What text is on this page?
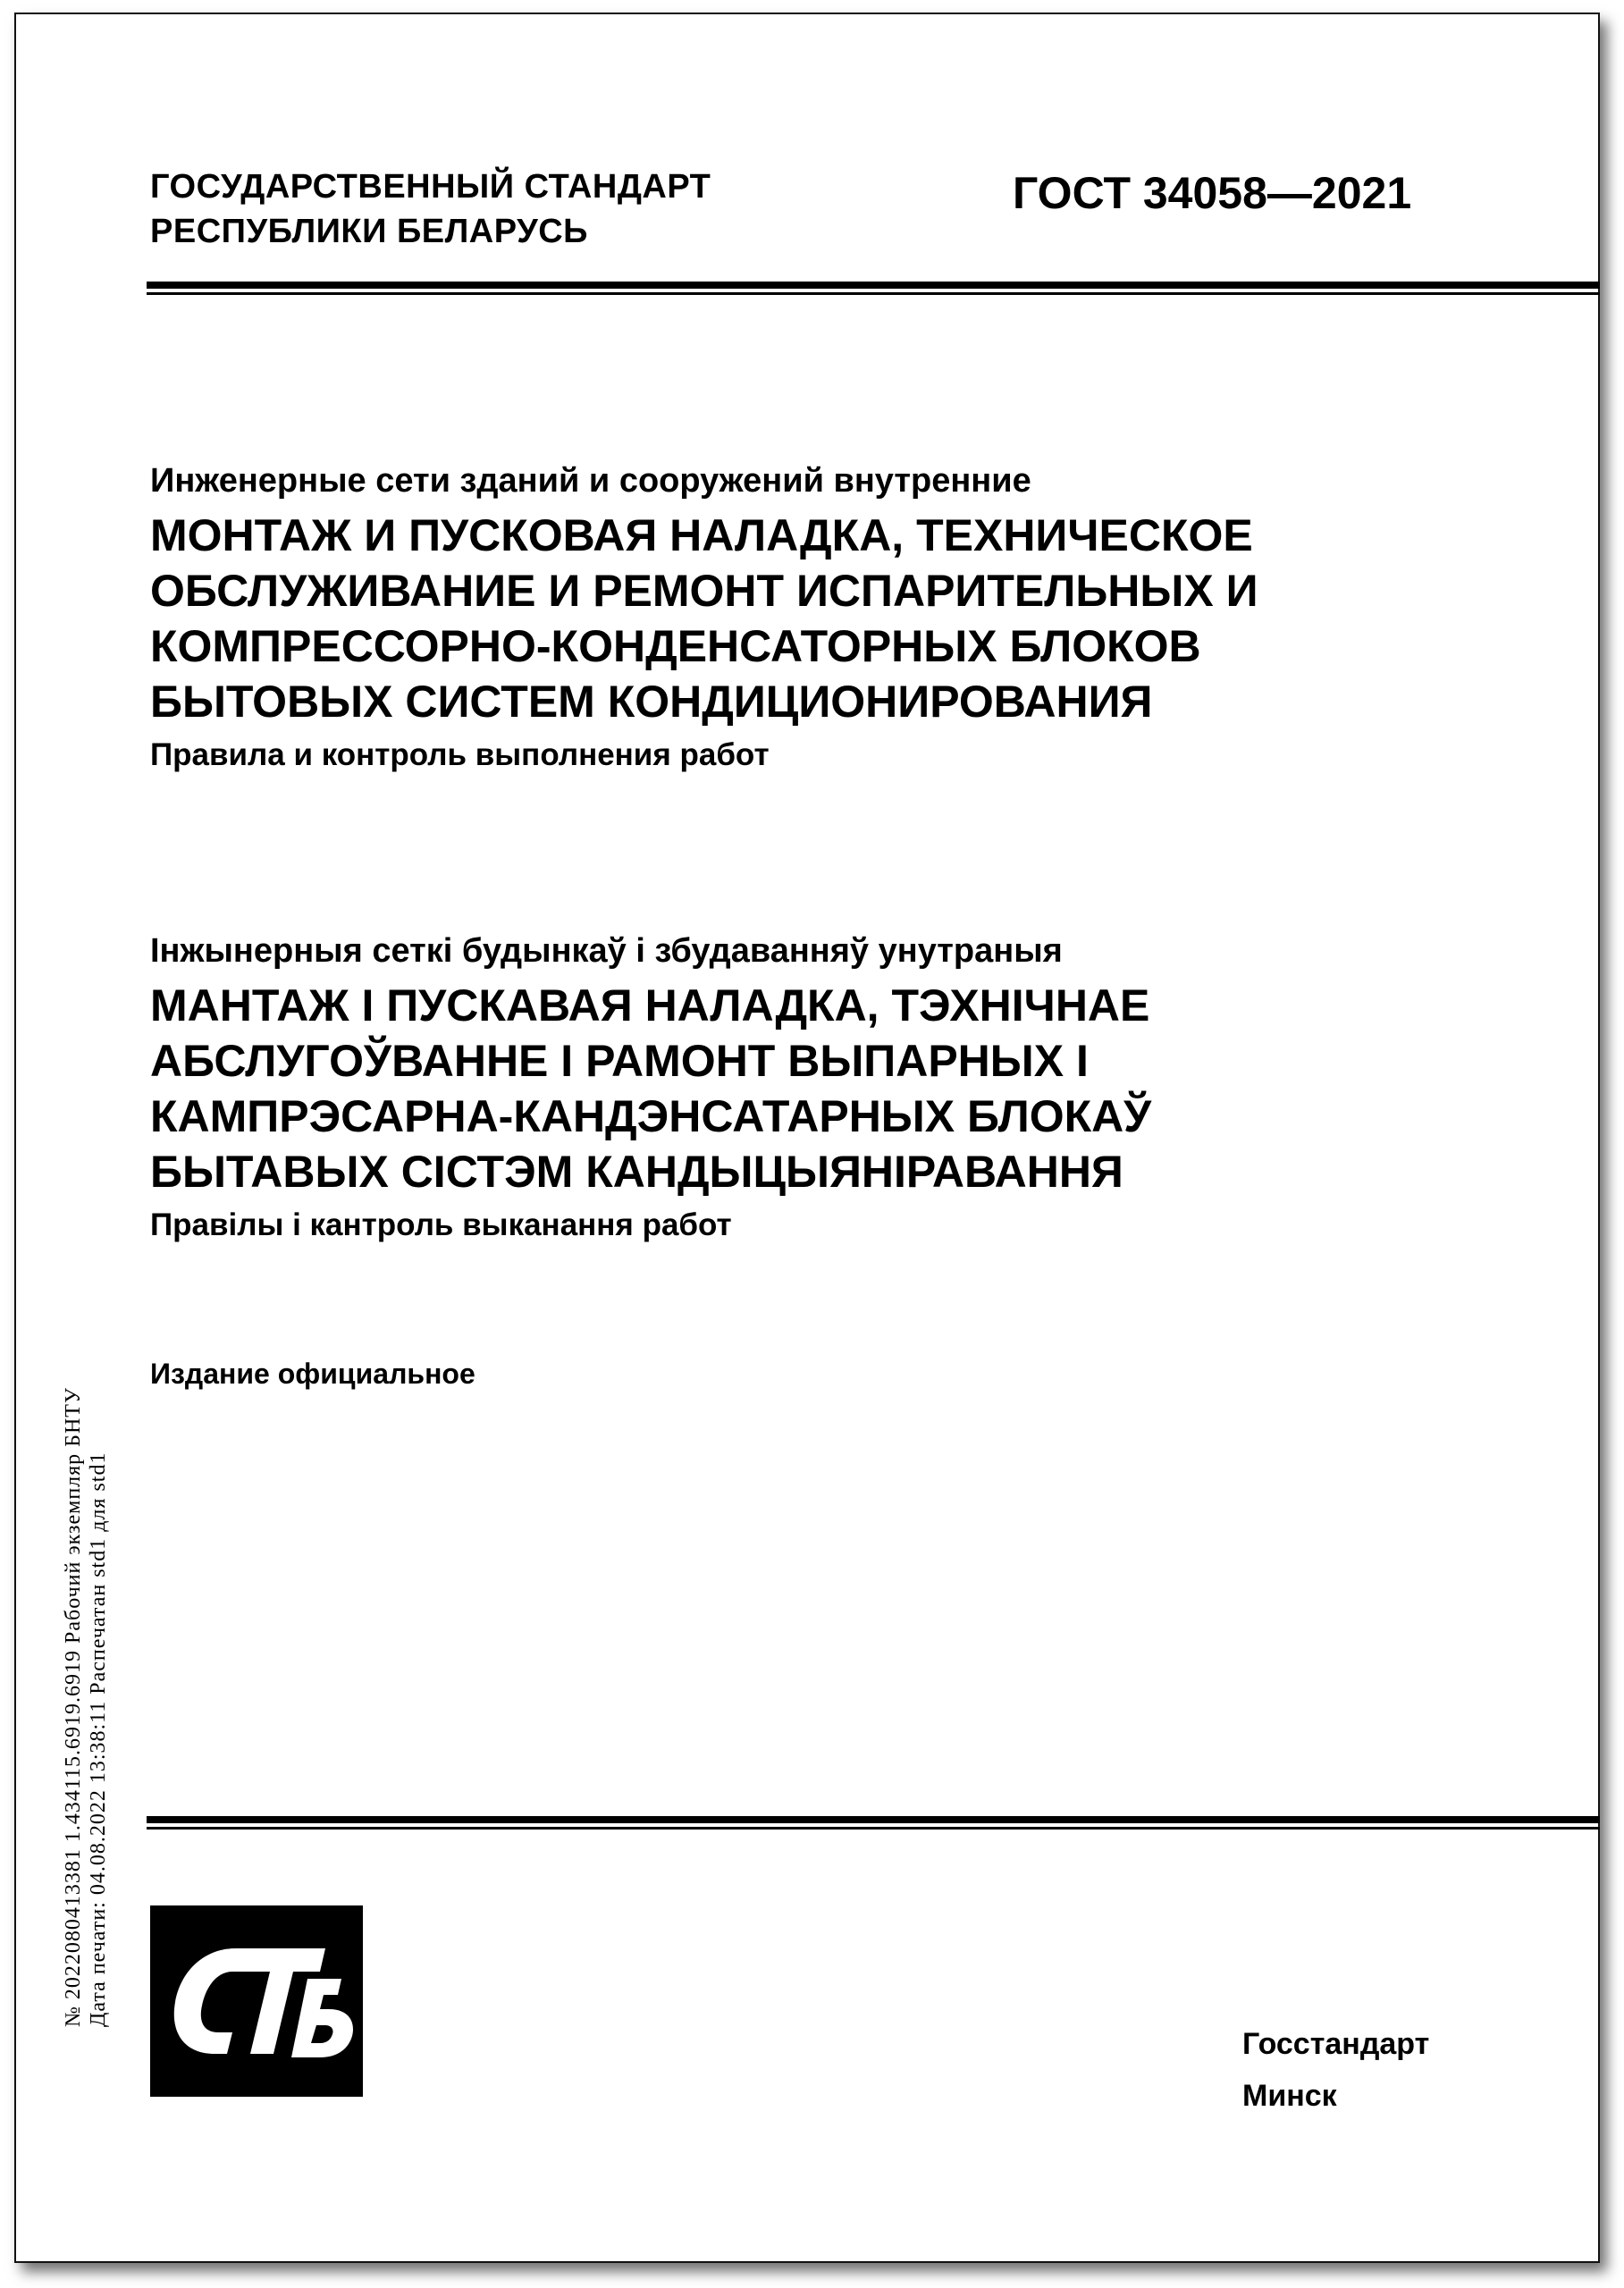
ГОСУДАРСТВЕННЫЙ СТАНДАРТ
РЕСПУБЛИКИ БЕЛАРУСЬ
ГОСТ 34058—2021
Инженерные сети зданий и сооружений внутренние
МОНТАЖ И ПУСКОВАЯ НАЛАДКА, ТЕХНИЧЕСКОЕ
ОБСЛУЖИВАНИЕ И РЕМОНТ ИСПАРИТЕЛЬНЫХ И
КОМПРЕССОРНО-КОНДЕНСАТОРНЫХ БЛОКОВ
БЫТОВЫХ СИСТЕМ КОНДИЦИОНИРОВАНИЯ
Правила и контроль выполнения работ
Інжынерныя сеткі будынкаў і збудаванняў унутраныя
МАНТАЖ І ПУСКАВАЯ НАЛАДКА, ТЭХНІЧНАЕ
АБСЛУГОЎВАННЕ І РАМОНТ ВЫПАРНЫХ І
КАМПРЭСАРНА-КАНДЭНСАТАРНЫХ БЛОКАЎ
БЫТАВЫХ СІСТЭМ КАНДЫЦЫЯНІРАВАННЯ
Правілы і кантроль выканання работ
Издание официальное
№ 2022080413381 1.434115.6919.6919 Рабочий экземпляр БНТУ Дата печати: 04.08.2022 13:38:11 Распечатан std1 для std1
Госстандарт
Минск
